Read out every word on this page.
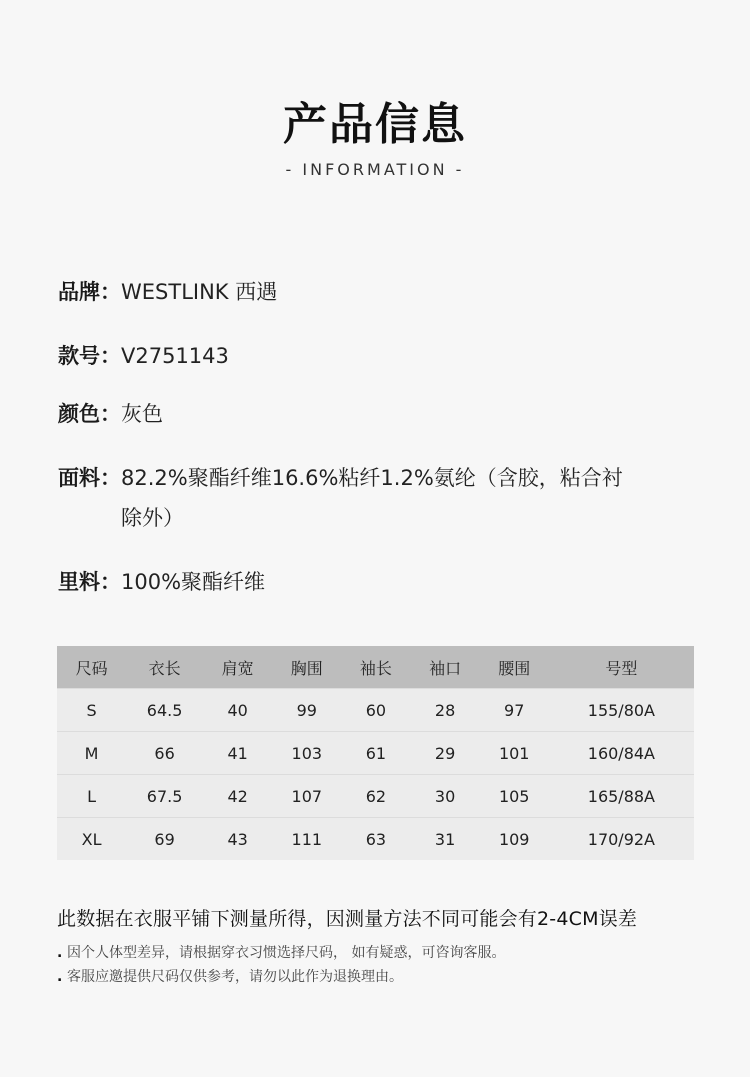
产品信息
- INFORMATION -
品牌： WESTLINK 西遇
款号： V2751143
颜色： 灰色
面料： 82.2%聚酯纤维16.6%粘纤1.2%氨纶（含胶，粘合衬除外）
里料： 100%聚酯纤维
尺码	衣长	肩宽	胸围	袖长	袖口	腰围	号型
S	64.5	40	99	60	28	97	155/80A
M	66	41	103	61	29	101	160/84A
L	67.5	42	107	62	30	105	165/88A
XL	69	43	111	63	31	109	170/92A
此数据在衣服平铺下测量所得，因测量方法不同可能会有2-4CM误差
. 因个人体型差异，请根据穿衣习惯选择尺码， 如有疑惑，可咨询客服。
. 客服应邀提供尺码仅供参考，请勿以此作为退换理由。
